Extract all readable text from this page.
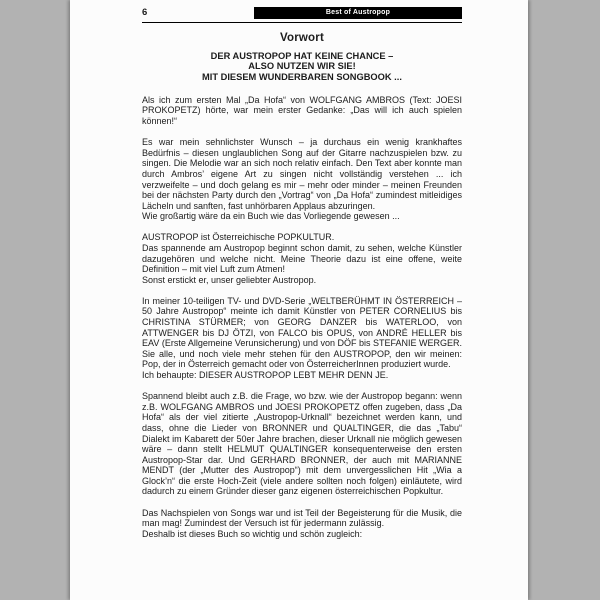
6	Best of Austropop
Vorwort
DER AUSTROPOP HAT KEINE CHANCE –
ALSO NUTZEN WIR SIE!
MIT DIESEM WUNDERBAREN SONGBOOK ...

Als ich zum ersten Mal „Da Hofa“ von WOLFGANG AMBROS (Text: JOESI PROKOPETZ) hörte, war mein erster Gedanke: „Das will ich auch spielen können!“

Es war mein sehnlichster Wunsch – ja durchaus ein wenig krankhaftes Bedürfnis – diesen unglaublichen Song auf der Gitarre nachzuspielen bzw. zu singen. Die Melodie war an sich noch relativ einfach. Den Text aber konnte man durch Ambros’ eigene Art zu singen nicht vollständig verstehen ... ich verzweifelte – und doch gelang es mir – mehr oder minder – meinen Freunden bei der nächsten Party durch den „Vortrag“ von „Da Hofa“ zumindest mitleidiges Lächeln und sanften, fast unhörbaren Applaus abzuringen.

Wie großartig wäre da ein Buch wie das Vorliegende gewesen ...

AUSTROPOP ist Österreichische POPKULTUR.

Das spannende am Austropop beginnt schon damit, zu sehen, welche Künstler dazugehören und welche nicht. Meine Theorie dazu ist eine offene, weite Definition – mit viel Luft zum Atmen!

Sonst erstickt er, unser geliebter Austropop.

In meiner 10-teiligen TV- und DVD-Serie „WELTBERÜHMT IN ÖSTERREICH – 50 Jahre Austropop“ meinte ich damit Künstler von PETER CORNELIUS bis CHRISTINA STÜRMER; von GEORG DANZER bis WATERLOO, von ATTWENGER bis DJ ÖTZI, von FALCO bis OPUS, von ANDRÉ HELLER bis EAV (Erste Allgemeine Verunsicherung) und von DÖF bis STEFANIE WERGER. Sie alle, und noch viele mehr stehen für den AUSTROPOP, den wir meinen: Pop, der in Österreich gemacht oder von ÖsterreicherInnen produziert wurde.

Ich behaupte: DIESER AUSTROPOP LEBT MEHR DENN JE.

Spannend bleibt auch z.B. die Frage, wo bzw. wie der Austropop begann: wenn z.B. WOLFGANG AMBROS und JOESI PROKOPETZ offen zugeben, dass „Da Hofa“ als der viel zitierte „Austropop-Urknall“ bezeichnet werden kann, und dass, ohne die Lieder von BRONNER und QUALTINGER, die das „Tabu“ Dialekt im Kabarett der 50er Jahre brachen, dieser Urknall nie möglich gewesen wäre – dann stellt HELMUT QUALTINGER konsequenterweise den ersten Austropop-Star dar. Und GERHARD BRONNER, der auch mit MARIANNE MENDT (der „Mutter des Austropop“) mit dem unvergesslichen Hit „Wia a Glock’n“ die erste Hoch-Zeit (viele andere sollten noch folgen) einläutete, wird dadurch zu einem Gründer dieser ganz eigenen österreichischen Popkultur.

Das Nachspielen von Songs war und ist Teil der Begeisterung für die Musik, die man mag! Zumindest der Versuch ist für jedermann zulässig.

Deshalb ist dieses Buch so wichtig und schön zugleich:
